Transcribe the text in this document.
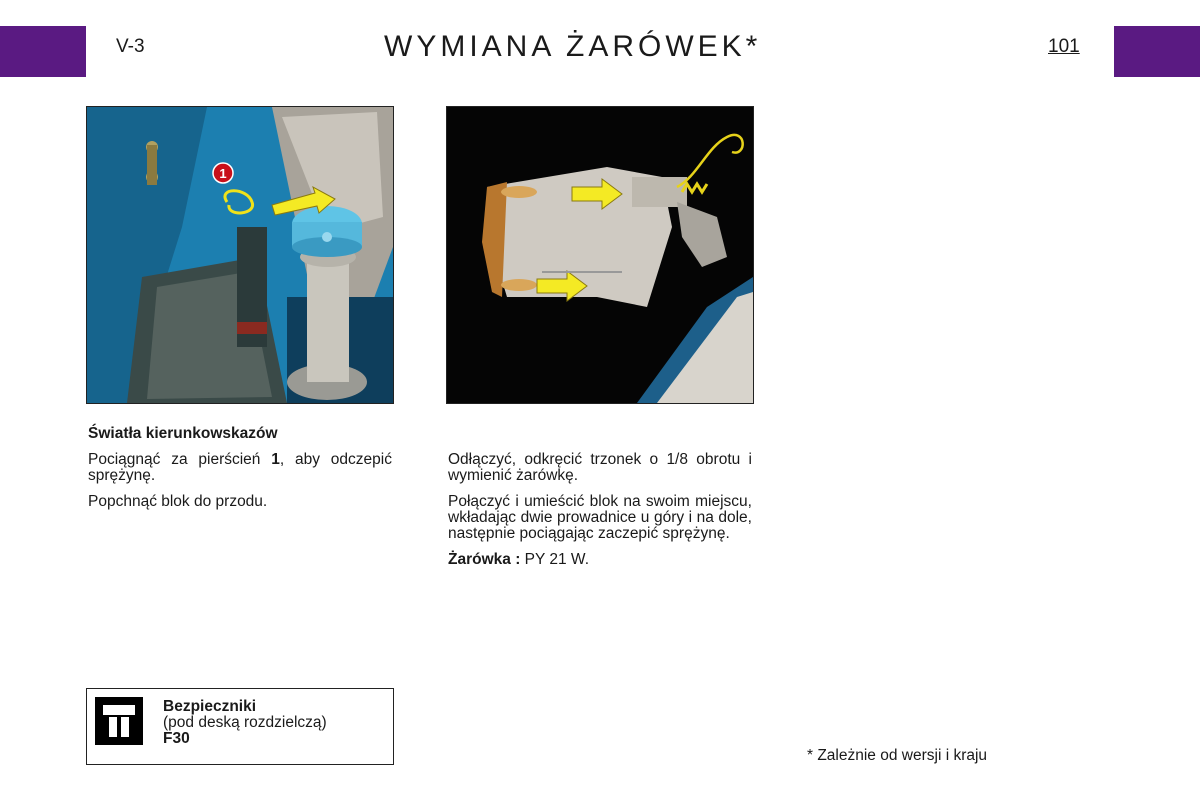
V-3	WYMIANA ŻARÓWEK*	101
1

Światła kierunkowskazów

Pociągnąć za pierścień 1, aby odczepić sprężynę.

Popchnąć blok do przodu.

Odłączyć, odkręcić trzonek o 1/8 obrotu i wymienić żarówkę.

Połączyć i umieścić blok na swoim miejscu, wkładając dwie prowadnice u góry i na dole, następnie pociągając zaczepić sprężynę.

Żarówka : PY 21 W.

Bezpieczniki
(pod deską rozdzielczą)
F30
* Zależnie od wersji i kraju
